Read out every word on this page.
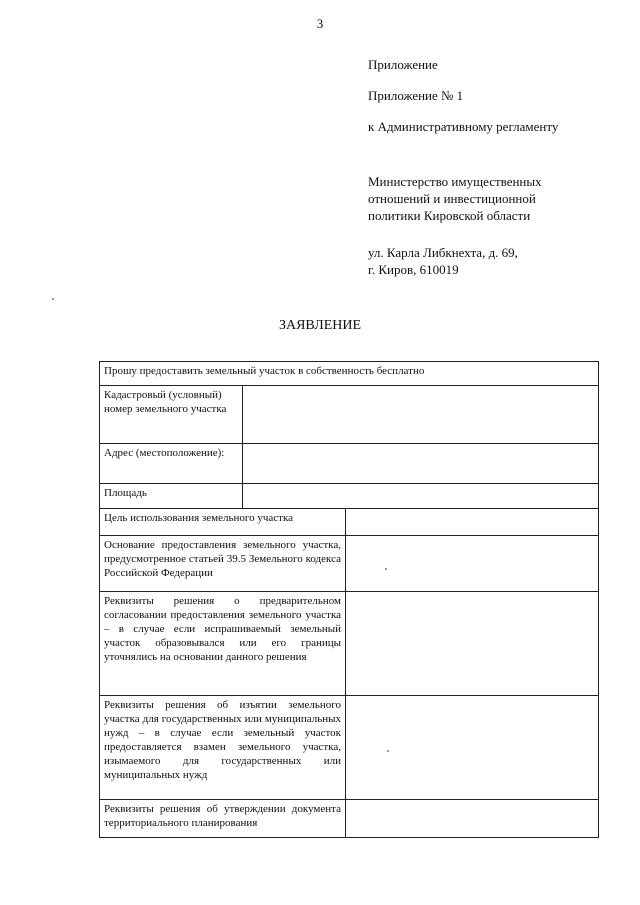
3

Приложение

Приложение № 1

к Административному регламенту

Министерство имущественных

отношений и инвестиционной

политики Кировской области

ул. Карла Либкнехта, д. 69,

г. Киров, 610019

ЗАЯВЛЕНИЕ
Прошу предоставить земельный участок в собственность бесплатно		
Кадастровый (условный) номер земельного участка		
Адрес (местоположение):		
Площадь		
Цель использования земельного участка		
Основание предоставления земельного участка, предусмотренное статьей 39.5 Земельного кодекса Российской Федерации		
Реквизиты решения о предварительном согласовании предоставления земельного участка – в случае если испрашиваемый земельный участок образовывался или его границы уточнялись на основании данного решения		
Реквизиты решения об изъятии земельного участка для государственных или муниципальных нужд – в случае если земельный участок предоставляется взамен земельного участка, изымаемого для государственных или муниципальных нужд		
Реквизиты решения об утверждении документа территориального планирования		
